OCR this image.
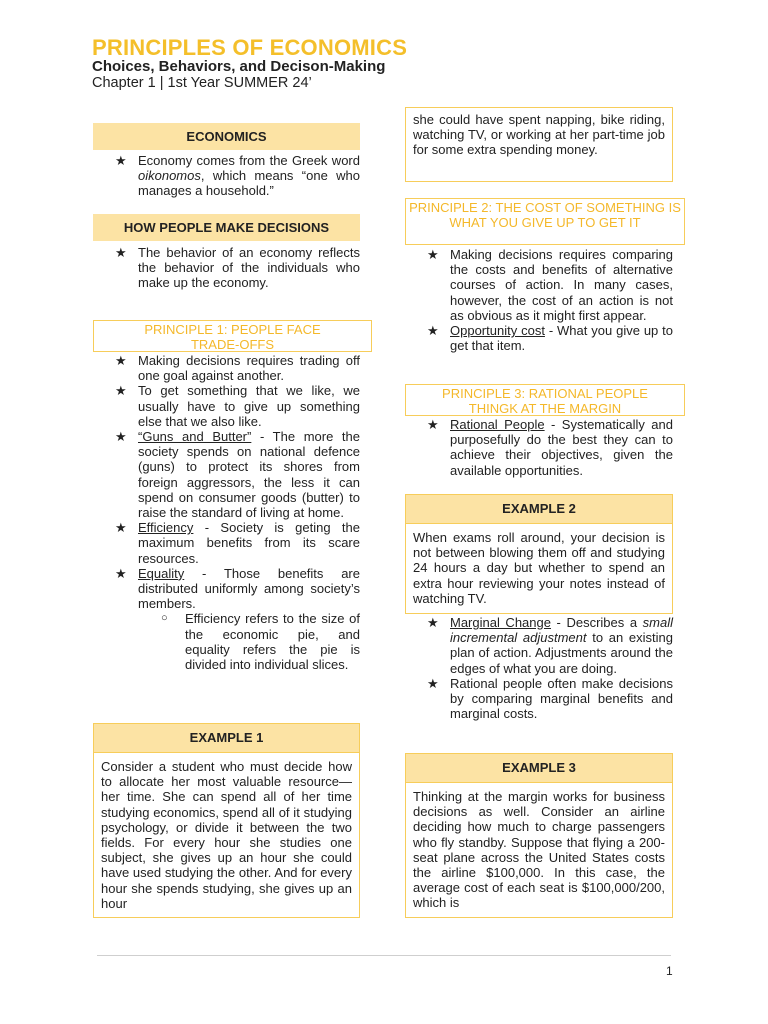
PRINCIPLES OF ECONOMICS
Choices, Behaviors, and Decison-Making
Chapter 1 | 1st Year SUMMER 24’
ECONOMICS
★ Economy comes from the Greek word oikonomos, which means “one who manages a household.”
HOW PEOPLE MAKE DECISIONS
★ The behavior of an economy reflects the behavior of the individuals who make up the economy.
PRINCIPLE 1: PEOPLE FACE TRADE-OFFS
★ Making decisions requires trading off one goal against another.
★ To get something that we like, we usually have to give up something else that we also like.
★ “Guns and Butter” - The more the society spends on national defence (guns) to protect its shores from foreign aggressors, the less it can spend on consumer goods (butter) to raise the standard of living at home.
★ Efficiency - Society is geting the maximum benefits from its scare resources.
★ Equality - Those benefits are distributed uniformly among society’s members.
○ Efficiency refers to the size of the economic pie, and equality refers the pie is divided into individual slices.
EXAMPLE 1
Consider a student who must decide how to allocate her most valuable resource—her time. She can spend all of her time studying economics, spend all of it studying psychology, or divide it between the two fields. For every hour she studies one subject, she gives up an hour she could have used studying the other. And for every hour she spends studying, she gives up an hour
she could have spent napping, bike riding, watching TV, or working at her part-time job for some extra spending money.
PRINCIPLE 2: THE COST OF SOMETHING IS WHAT YOU GIVE UP TO GET IT
★ Making decisions requires comparing the costs and benefits of alternative courses of action. In many cases, however, the cost of an action is not as obvious as it might first appear.
★ Opportunity cost - What you give up to get that item.
PRINCIPLE 3: RATIONAL PEOPLE THINGK AT THE MARGIN
★ Rational People - Systematically and purposefully do the best they can to achieve their objectives, given the available opportunities.
EXAMPLE 2
When exams roll around, your decision is not between blowing them off and studying 24 hours a day but whether to spend an extra hour reviewing your notes instead of watching TV.
★ Marginal Change - Describes a small incremental adjustment to an existing plan of action. Adjustments around the edges of what you are doing.
★ Rational people often make decisions by comparing marginal benefits and marginal costs.
EXAMPLE 3
Thinking at the margin works for business decisions as well. Consider an airline deciding how much to charge passengers who fly standby. Suppose that flying a 200-seat plane across the United States costs the airline $100,000. In this case, the average cost of each seat is $100,000/200, which is
1
